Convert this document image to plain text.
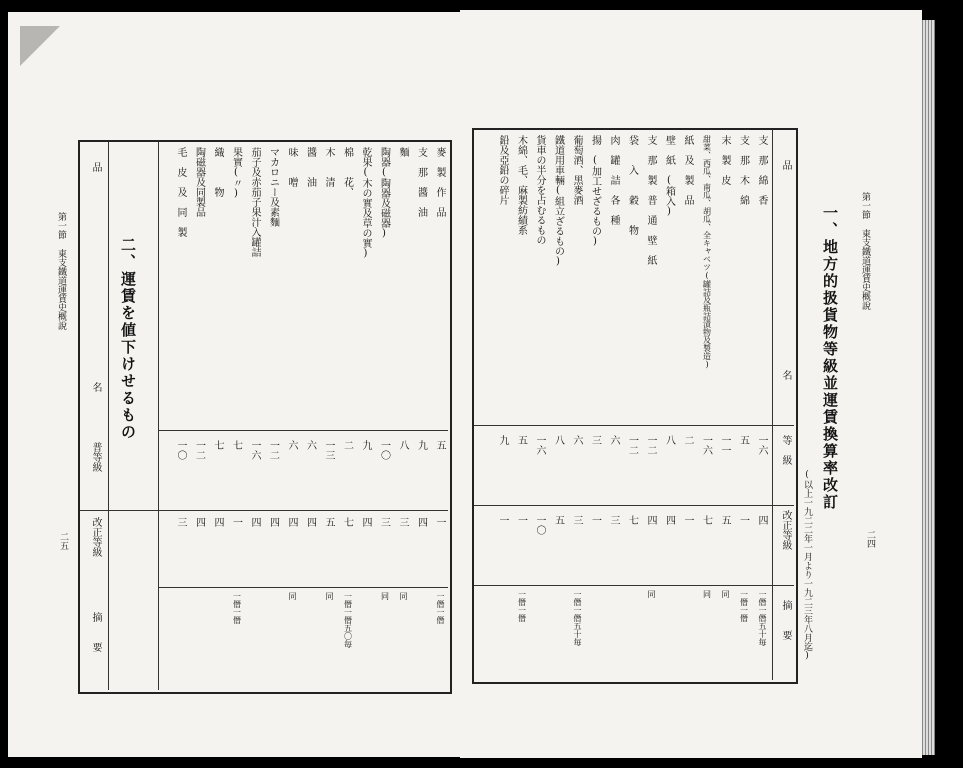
第一節 東支鐵道運賃史概說
二四
一、地方的扱貨物等級並運賃換算率改訂
(以上一九二二年一月より一九二三年八月迄)
品
名
等　級
改正等級
摘　　要
支　那　綿　香
一六
四
一僭一僭五十毎
支　那　木　綿
五
一
一僭一僭
末　製　皮
一一
五
同
甜菜、西瓜、南瓜、胡瓜、全キャベツ(罐詰及瓶詰漬物及製造)
一六
七
同
紙　及　製　品
二
一
壁　紙　(箱入)
八
四
支　那　製　普　通　壁　紙
一二
四
同
袋　　入　　穀　　物
一二
七
肉　罐　詰　各　種
六
三
揚　(加工せざるもの)
三
一
葡萄酒、黑麥酒
六
三
一僭一僭五十毎
鐵道用車輛(組立ざるもの)
八
五
貨車の半分を占むるもの
一六
一〇
木綿、毛、麻製紡績系
五
一
一僭一僭
鉛及亞鉛の碎片
九
一
第一節 東支鐵道運賃史概說
二五
二、運賃を値下けせるもの
品
名
普等級
改正等級
摘　　要
麥　製　作　品
五
一
一僭一僭
支　那　醬　油
九
四
麵
八
三
同
陶器(陶器及磁器)
一〇
三
同
乾果(木の實及草の實)
九
四
棉　　花、
二
七
一僭一僭五〇毎
木　　清
一三
五
同
醬　　油
六
四
味　　噌
六
四
同
マカロニー及素麵
一二
四
茄子及赤茄子果汁入罐詰
一六
四
果實(〃)
七
一
一僭一僭
織　　　物
七
四
陶磁器及同製品
一二
四
毛　皮　及　同　製
一〇
三
